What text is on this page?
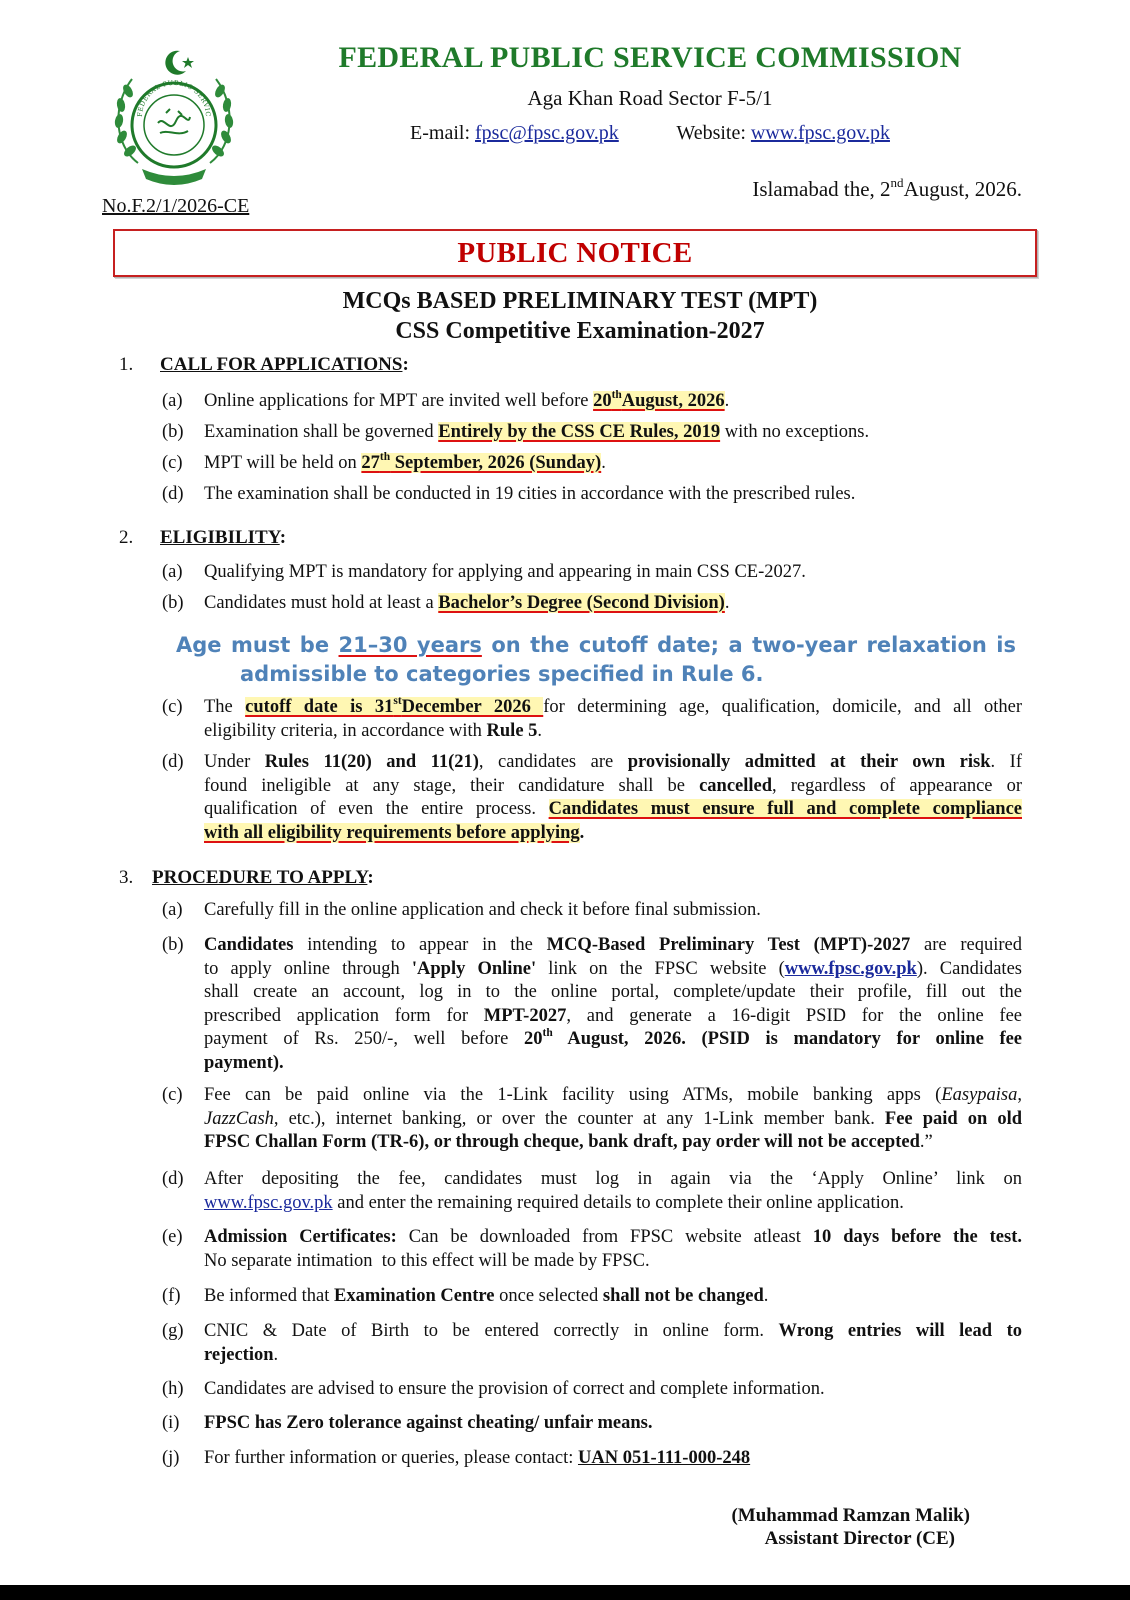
FEDERAL PUBLIC SERVIC
FEDERAL PUBLIC SERVICE COMMISSION
Aga Khan Road Sector F-5/1
E-mail: fpsc@fpsc.gov.pk	Website: www.fpsc.gov.pk
No.F.2/1/2026-CE
Islamabad the, 2ndAugust, 2026.
PUBLIC NOTICE
MCQs BASED PRELIMINARY TEST (MPT)
CSS Competitive Examination-2027
1. CALL FOR APPLICATIONS:
(a) Online applications for MPT are invited well before 20thAugust, 2026.
(b) Examination shall be governed Entirely by the CSS CE Rules, 2019 with no exceptions.
(c) MPT will be held on 27th September, 2026 (Sunday).
(d) The examination shall be conducted in 19 cities in accordance with the prescribed rules.
2. ELIGIBILITY:
(a) Qualifying MPT is mandatory for applying and appearing in main CSS CE-2027.
(b) Candidates must hold at least a Bachelor’s Degree (Second Division).
Age must be 21–30 years on the cutoff date; a two-year relaxation is
admissible to categories specified in Rule 6.
(c) The cutoff date is 31stDecember 2026 for determining age, qualification, domicile, and all other
eligibility criteria, in accordance with Rule 5.
(d) Under Rules 11(20) and 11(21), candidates are provisionally admitted at their own risk. If
found ineligible at any stage, their candidature shall be cancelled, regardless of appearance or
qualification of even the entire process. Candidates must ensure full and complete compliance
with all eligibility requirements before applying.
3. PROCEDURE TO APPLY:
(a) Carefully fill in the online application and check it before final submission.
(b) Candidates intending to appear in the MCQ-Based Preliminary Test (MPT)-2027 are required
to apply online through 'Apply Online' link on the FPSC website (www.fpsc.gov.pk). Candidates
shall create an account, log in to the online portal, complete/update their profile, fill out the
prescribed application form for MPT-2027, and generate a 16-digit PSID for the online fee
payment of Rs. 250/-, well before 20th August, 2026. (PSID is mandatory for online fee
payment).
(c) Fee can be paid online via the 1-Link facility using ATMs, mobile banking apps (Easypaisa,
JazzCash, etc.), internet banking, or over the counter at any 1-Link member bank. Fee paid on old
FPSC Challan Form (TR-6), or through cheque, bank draft, pay order will not be accepted.”
(d) After depositing the fee, candidates must log in again via the ‘Apply Online’ link on
www.fpsc.gov.pk and enter the remaining required details to complete their online application.
(e) Admission Certificates: Can be downloaded from FPSC website atleast 10 days before the test.
No separate intimation  to this effect will be made by FPSC.
(f) Be informed that Examination Centre once selected shall not be changed.
(g) CNIC & Date of Birth to be entered correctly in online form. Wrong entries will lead to
rejection.
(h) Candidates are advised to ensure the provision of correct and complete information.
(i) FPSC has Zero tolerance against cheating/ unfair means.
(j) For further information or queries, please contact: UAN 051-111-000-248
(Muhammad Ramzan Malik)
Assistant Director (CE)
